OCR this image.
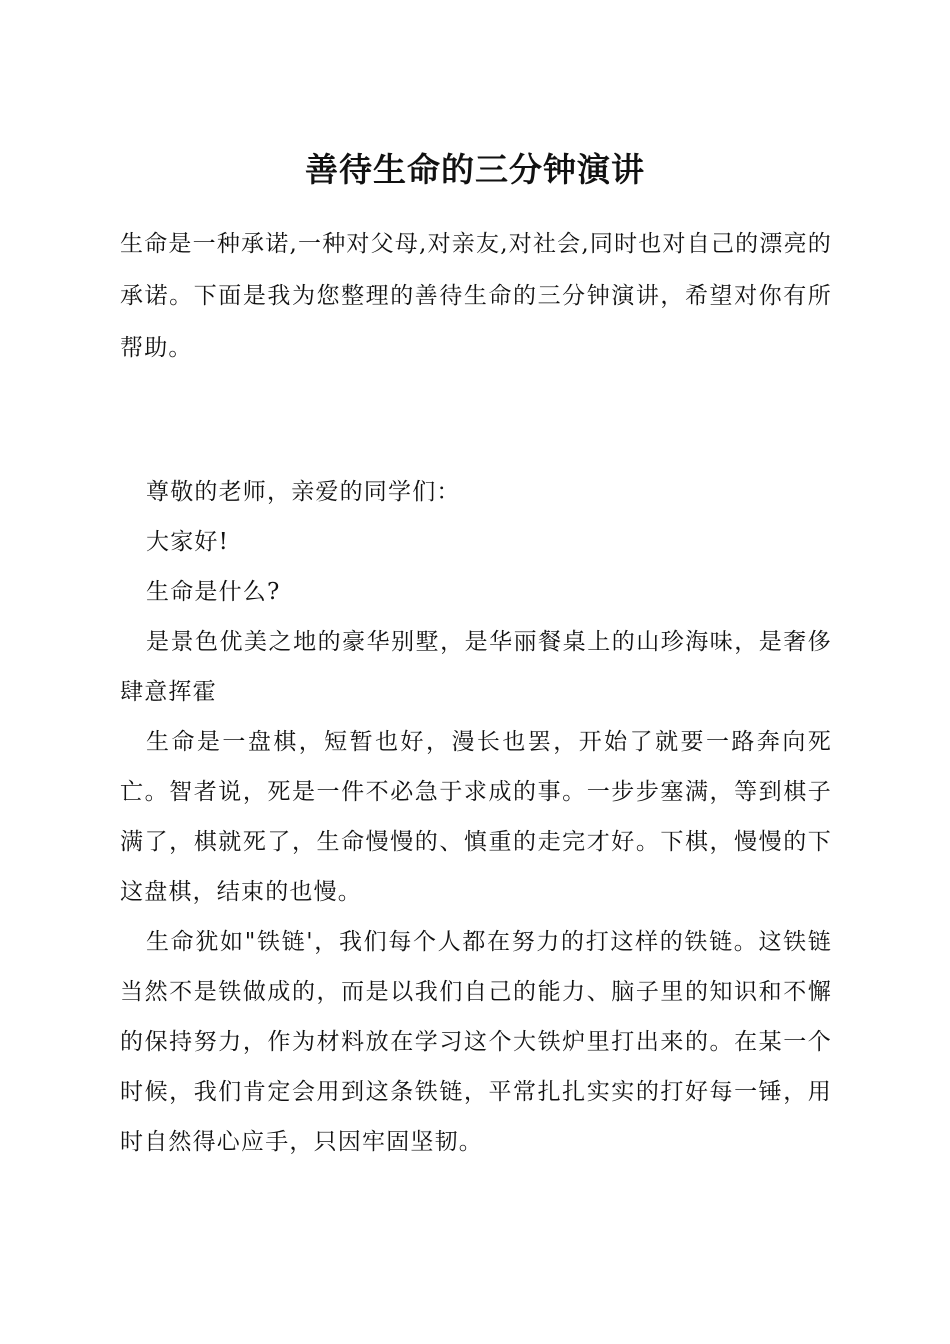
善待生命的三分钟演讲

生命是一种承诺,一种对父母,对亲友,对社会,同时也对自己的漂亮的承诺。下面是我为您整理的善待生命的三分钟演讲，希望对你有所帮助。

尊敬的老师，亲爱的同学们：

大家好!

生命是什么?

是景色优美之地的豪华别墅，是华丽餐桌上的山珍海味，是奢侈肆意挥霍

生命是一盘棋，短暂也好，漫长也罢，开始了就要一路奔向死亡。智者说，死是一件不必急于求成的事。一步步塞满，等到棋子满了，棋就死了，生命慢慢的、慎重的走完才好。下棋，慢慢的下这盘棋，结束的也慢。

生命犹如"铁链'，我们每个人都在努力的打这样的铁链。这铁链当然不是铁做成的，而是以我们自己的能力、脑子里的知识和不懈的保持努力，作为材料放在学习这个大铁炉里打出来的。在某一个时候，我们肯定会用到这条铁链，平常扎扎实实的打好每一锤，用时自然得心应手，只因牢固坚韧。
